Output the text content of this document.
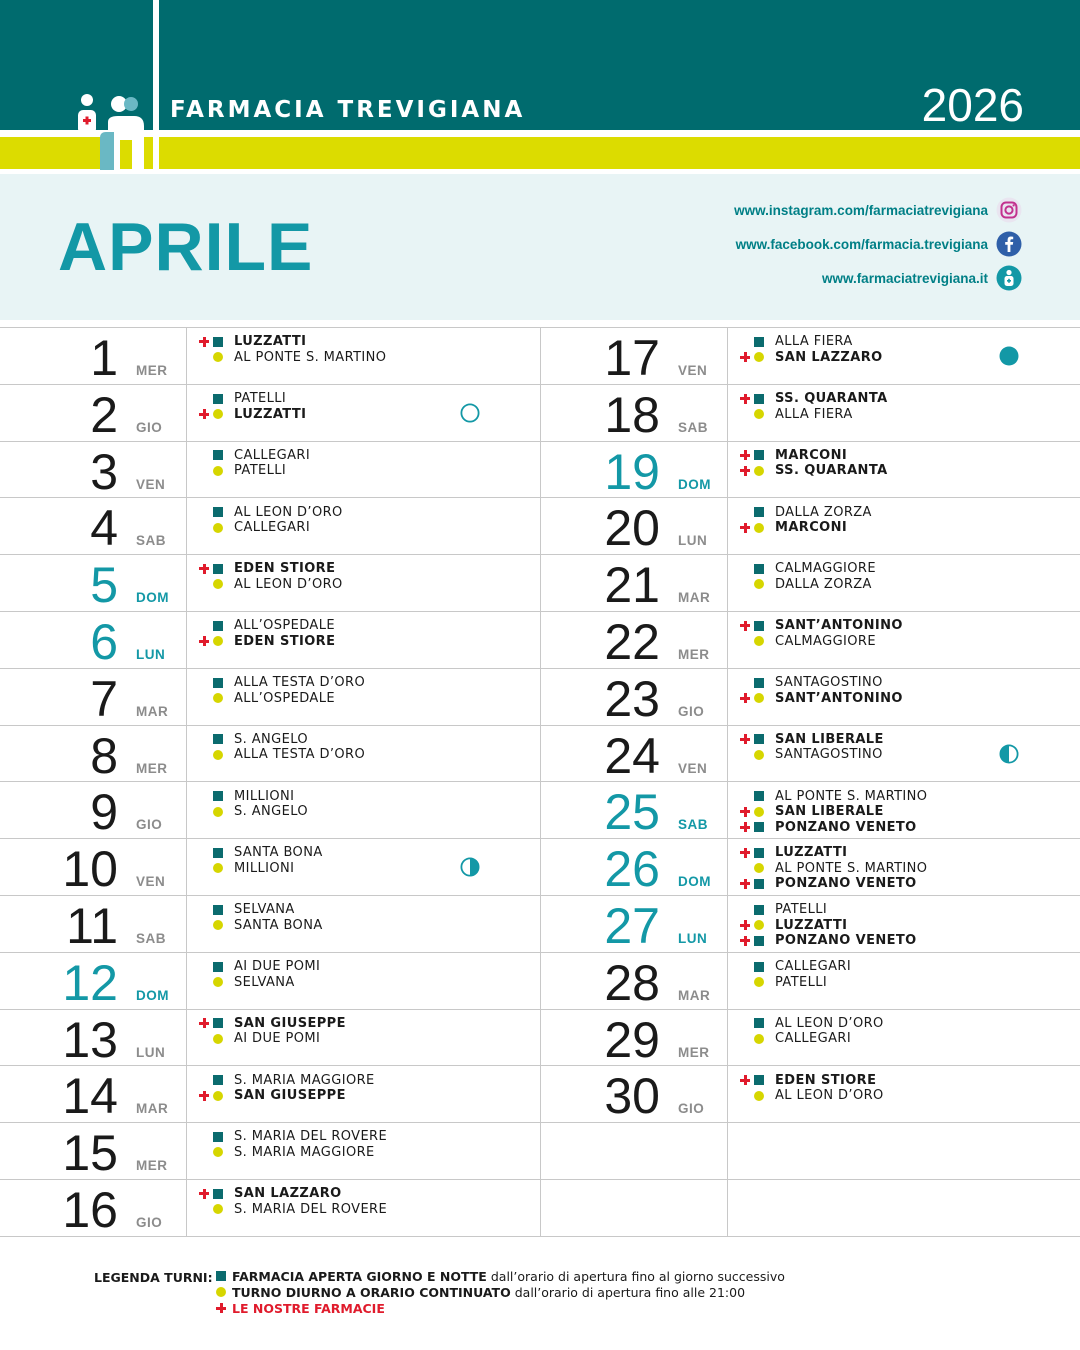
FARMACIA TREVIGIANA	2026
APRILE	www.instagram.com/farmaciatrevigiana
www.facebook.com/farmacia.trevigiana
www.farmaciatrevigiana.it
1 MER
LUZZATTI
AL PONTE S. MARTINO
2 GIO
PATELLI
LUZZATTI
3 VEN
CALLEGARI
PATELLI
4 SAB
AL LEON D’ORO
CALLEGARI
5 DOM
EDEN STIORE
AL LEON D’ORO
6 LUN
ALL’OSPEDALE
EDEN STIORE
7 MAR
ALLA TESTA D’ORO
ALL’OSPEDALE
8 MER
S. ANGELO
ALLA TESTA D’ORO
9 GIO
MILLIONI
S. ANGELO
10 VEN
SANTA BONA
MILLIONI
11 SAB
SELVANA
SANTA BONA
12 DOM
AI DUE POMI
SELVANA
13 LUN
SAN GIUSEPPE
AI DUE POMI
14 MAR
S. MARIA MAGGIORE
SAN GIUSEPPE
15 MER
S. MARIA DEL ROVERE
S. MARIA MAGGIORE
16 GIO
SAN LAZZARO
S. MARIA DEL ROVERE
17 VEN
ALLA FIERA
SAN LAZZARO
18 SAB
SS. QUARANTA
ALLA FIERA
19 DOM
MARCONI
SS. QUARANTA
20 LUN
DALLA ZORZA
MARCONI
21 MAR
CALMAGGIORE
DALLA ZORZA
22 MER
SANT’ANTONINO
CALMAGGIORE
23 GIO
SANTAGOSTINO
SANT’ANTONINO
24 VEN
SAN LIBERALE
SANTAGOSTINO
25 SAB
AL PONTE S. MARTINO
SAN LIBERALE
PONZANO VENETO
26 DOM
LUZZATTI
AL PONTE S. MARTINO
PONZANO VENETO
27 LUN
PATELLI
LUZZATTI
PONZANO VENETO
28 MAR
CALLEGARI
PATELLI
29 MER
AL LEON D’ORO
CALLEGARI
30 GIO
EDEN STIORE
AL LEON D’ORO
LEGENDA TURNI: FARMACIA APERTA GIORNO E NOTTE dall’orario di apertura fino al giorno successivo
TURNO DIURNO A ORARIO CONTINUATO dall’orario di apertura fino alle 21:00
LE NOSTRE FARMACIE
